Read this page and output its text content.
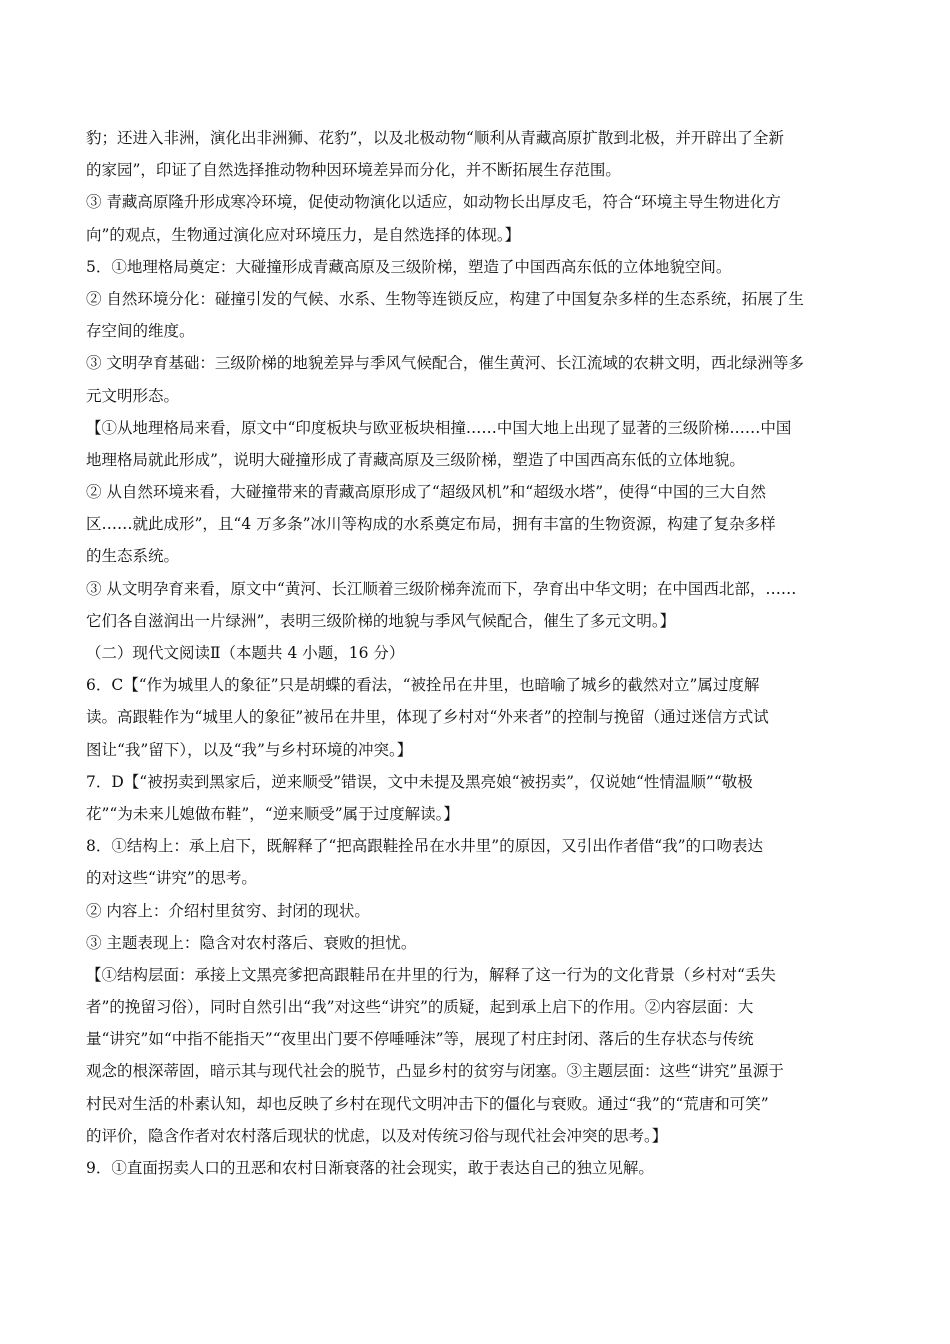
豹；还进入非洲，演化出非洲狮、花豹”，以及北极动物“顺利从青藏高原扩散到北极，并开辟出了全新
的家园”，印证了自然选择推动物种因环境差异而分化，并不断拓展生存范围。
③ 青藏高原隆升形成寒冷环境，促使动物演化以适应，如动物长出厚皮毛，符合“环境主导生物进化方
向”的观点，生物通过演化应对环境压力，是自然选择的体现。】
5．①地理格局奠定：大碰撞形成青藏高原及三级阶梯，塑造了中国西高东低的立体地貌空间。
② 自然环境分化：碰撞引发的气候、水系、生物等连锁反应，构建了中国复杂多样的生态系统，拓展了生
存空间的维度。
③ 文明孕育基础：三级阶梯的地貌差异与季风气候配合，催生黄河、长江流域的农耕文明，西北绿洲等多
元文明形态。
【①从地理格局来看，原文中“印度板块与欧亚板块相撞……中国大地上出现了显著的三级阶梯……中国
地理格局就此形成”，说明大碰撞形成了青藏高原及三级阶梯，塑造了中国西高东低的立体地貌。
② 从自然环境来看，大碰撞带来的青藏高原形成了“超级风机”和“超级水塔”，使得“中国的三大自然
区……就此成形”，且“4 万多条”冰川等构成的水系奠定布局，拥有丰富的生物资源，构建了复杂多样
的生态系统。
③ 从文明孕育来看，原文中“黄河、长江顺着三级阶梯奔流而下，孕育出中华文明；在中国西北部，……
它们各自滋润出一片绿洲”，表明三级阶梯的地貌与季风气候配合，催生了多元文明。】
（二）现代文阅读Ⅱ（本题共 4 小题，16 分）
6．C【“作为城里人的象征”只是胡蝶的看法，“被拴吊在井里，也暗喻了城乡的截然对立”属过度解
读。高跟鞋作为“城里人的象征”被吊在井里，体现了乡村对“外来者”的控制与挽留（通过迷信方式试
图让“我”留下），以及“我”与乡村环境的冲突。】
7．D【“被拐卖到黑家后，逆来顺受”错误，文中未提及黑亮娘“被拐卖”，仅说她“性情温顺”“敬极
花”“为未来儿媳做布鞋”，“逆来顺受”属于过度解读。】
8．①结构上：承上启下，既解释了“把高跟鞋拴吊在水井里”的原因，又引出作者借“我”的口吻表达
的对这些“讲究”的思考。
② 内容上：介绍村里贫穷、封闭的现状。
③ 主题表现上：隐含对农村落后、衰败的担忧。
【①结构层面：承接上文黑亮爹把高跟鞋吊在井里的行为，解释了这一行为的文化背景（乡村对“丢失
者”的挽留习俗），同时自然引出“我”对这些“讲究”的质疑，起到承上启下的作用。②内容层面：大
量“讲究”如“中指不能指天”“夜里出门要不停唾唾沫”等，展现了村庄封闭、落后的生存状态与传统
观念的根深蒂固，暗示其与现代社会的脱节，凸显乡村的贫穷与闭塞。③主题层面：这些“讲究”虽源于
村民对生活的朴素认知，却也反映了乡村在现代文明冲击下的僵化与衰败。通过“我”的“荒唐和可笑”
的评价，隐含作者对农村落后现状的忧虑，以及对传统习俗与现代社会冲突的思考。】
9．①直面拐卖人口的丑恶和农村日渐衰落的社会现实，敢于表达自己的独立见解。
